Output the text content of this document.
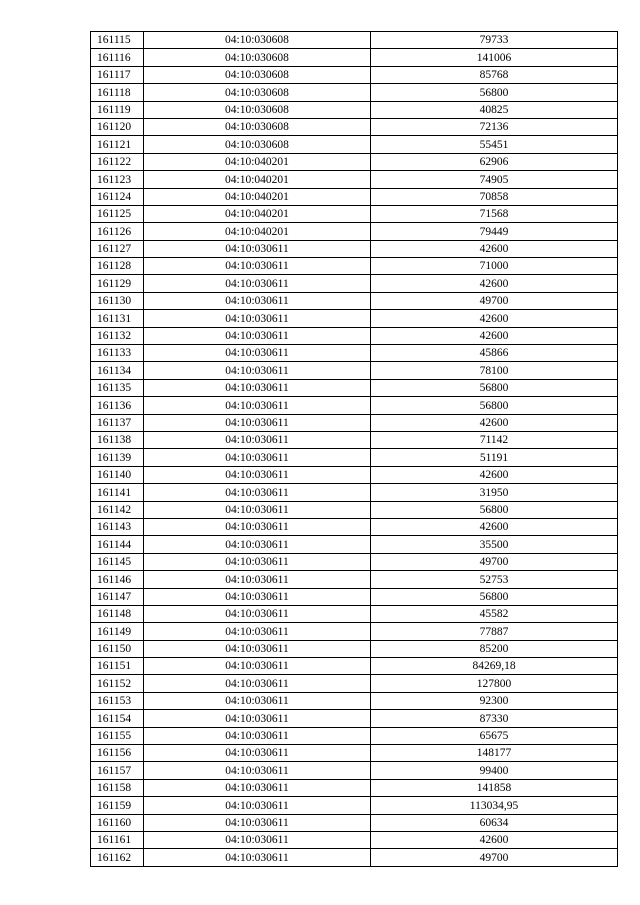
161115	04:10:030608	79733
161116	04:10:030608	141006
161117	04:10:030608	85768
161118	04:10:030608	56800
161119	04:10:030608	40825
161120	04:10:030608	72136
161121	04:10:030608	55451
161122	04:10:040201	62906
161123	04:10:040201	74905
161124	04:10:040201	70858
161125	04:10:040201	71568
161126	04:10:040201	79449
161127	04:10:030611	42600
161128	04:10:030611	71000
161129	04:10:030611	42600
161130	04:10:030611	49700
161131	04:10:030611	42600
161132	04:10:030611	42600
161133	04:10:030611	45866
161134	04:10:030611	78100
161135	04:10:030611	56800
161136	04:10:030611	56800
161137	04:10:030611	42600
161138	04:10:030611	71142
161139	04:10:030611	51191
161140	04:10:030611	42600
161141	04:10:030611	31950
161142	04:10:030611	56800
161143	04:10:030611	42600
161144	04:10:030611	35500
161145	04:10:030611	49700
161146	04:10:030611	52753
161147	04:10:030611	56800
161148	04:10:030611	45582
161149	04:10:030611	77887
161150	04:10:030611	85200
161151	04:10:030611	84269,18
161152	04:10:030611	127800
161153	04:10:030611	92300
161154	04:10:030611	87330
161155	04:10:030611	65675
161156	04:10:030611	148177
161157	04:10:030611	99400
161158	04:10:030611	141858
161159	04:10:030611	113034,95
161160	04:10:030611	60634
161161	04:10:030611	42600
161162	04:10:030611	49700
